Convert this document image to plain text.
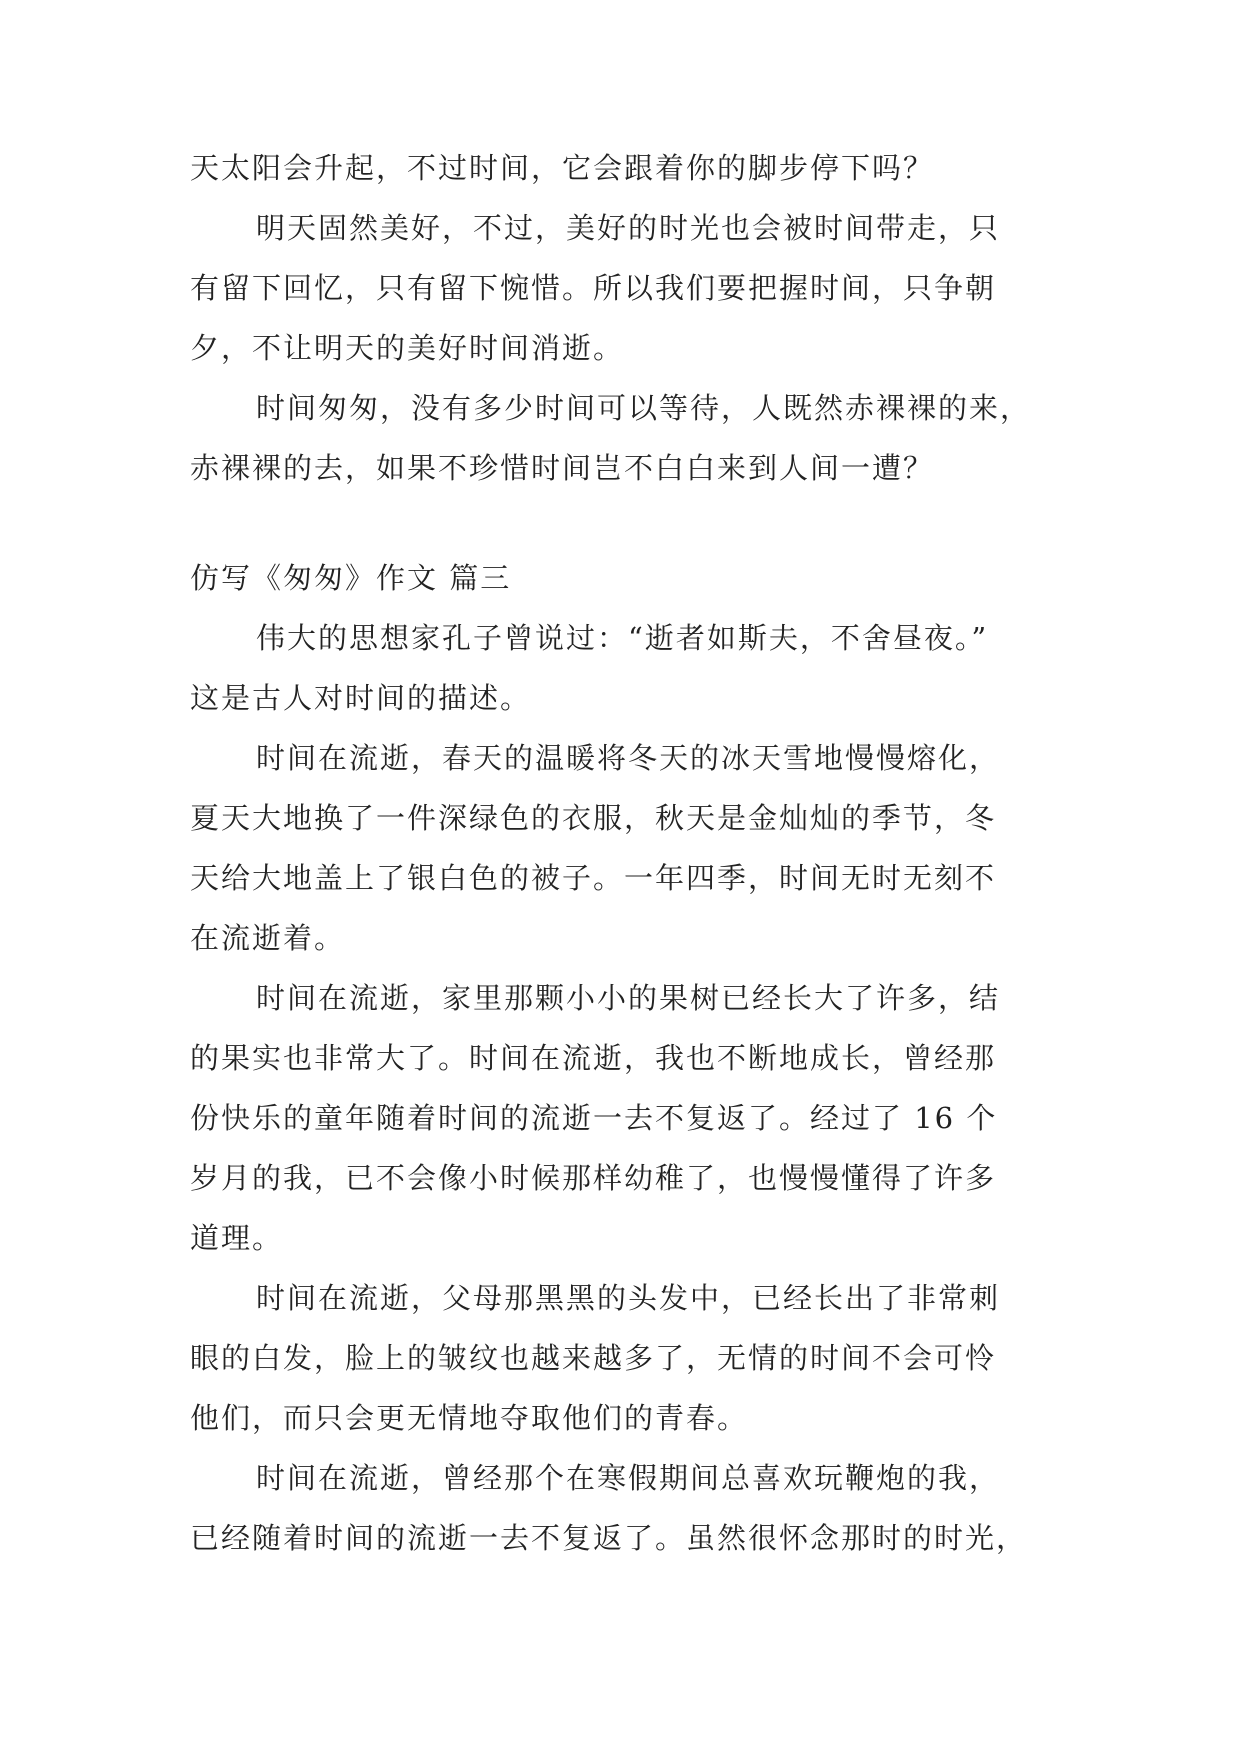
天太阳会升起，不过时间，它会跟着你的脚步停下吗？
明天固然美好，不过，美好的时光也会被时间带走，只
有留下回忆，只有留下惋惜。所以我们要把握时间，只争朝
夕，不让明天的美好时间消逝。
时间匆匆，没有多少时间可以等待，人既然赤裸裸的来，
赤裸裸的去，如果不珍惜时间岂不白白来到人间一遭？
仿写《匆匆》作文 篇三
伟大的思想家孔子曾说过：“逝者如斯夫，不舍昼夜。”
这是古人对时间的描述。
时间在流逝，春天的温暖将冬天的冰天雪地慢慢熔化，
夏天大地换了一件深绿色的衣服，秋天是金灿灿的季节，冬
天给大地盖上了银白色的被子。一年四季，时间无时无刻不
在流逝着。
时间在流逝，家里那颗小小的果树已经长大了许多，结
的果实也非常大了。时间在流逝，我也不断地成长，曾经那
份快乐的童年随着时间的流逝一去不复返了。经过了 16 个
岁月的我，已不会像小时候那样幼稚了，也慢慢懂得了许多
道理。
时间在流逝，父母那黑黑的头发中，已经长出了非常刺
眼的白发，脸上的皱纹也越来越多了，无情的时间不会可怜
他们，而只会更无情地夺取他们的青春。
时间在流逝，曾经那个在寒假期间总喜欢玩鞭炮的我，
已经随着时间的流逝一去不复返了。虽然很怀念那时的时光，
